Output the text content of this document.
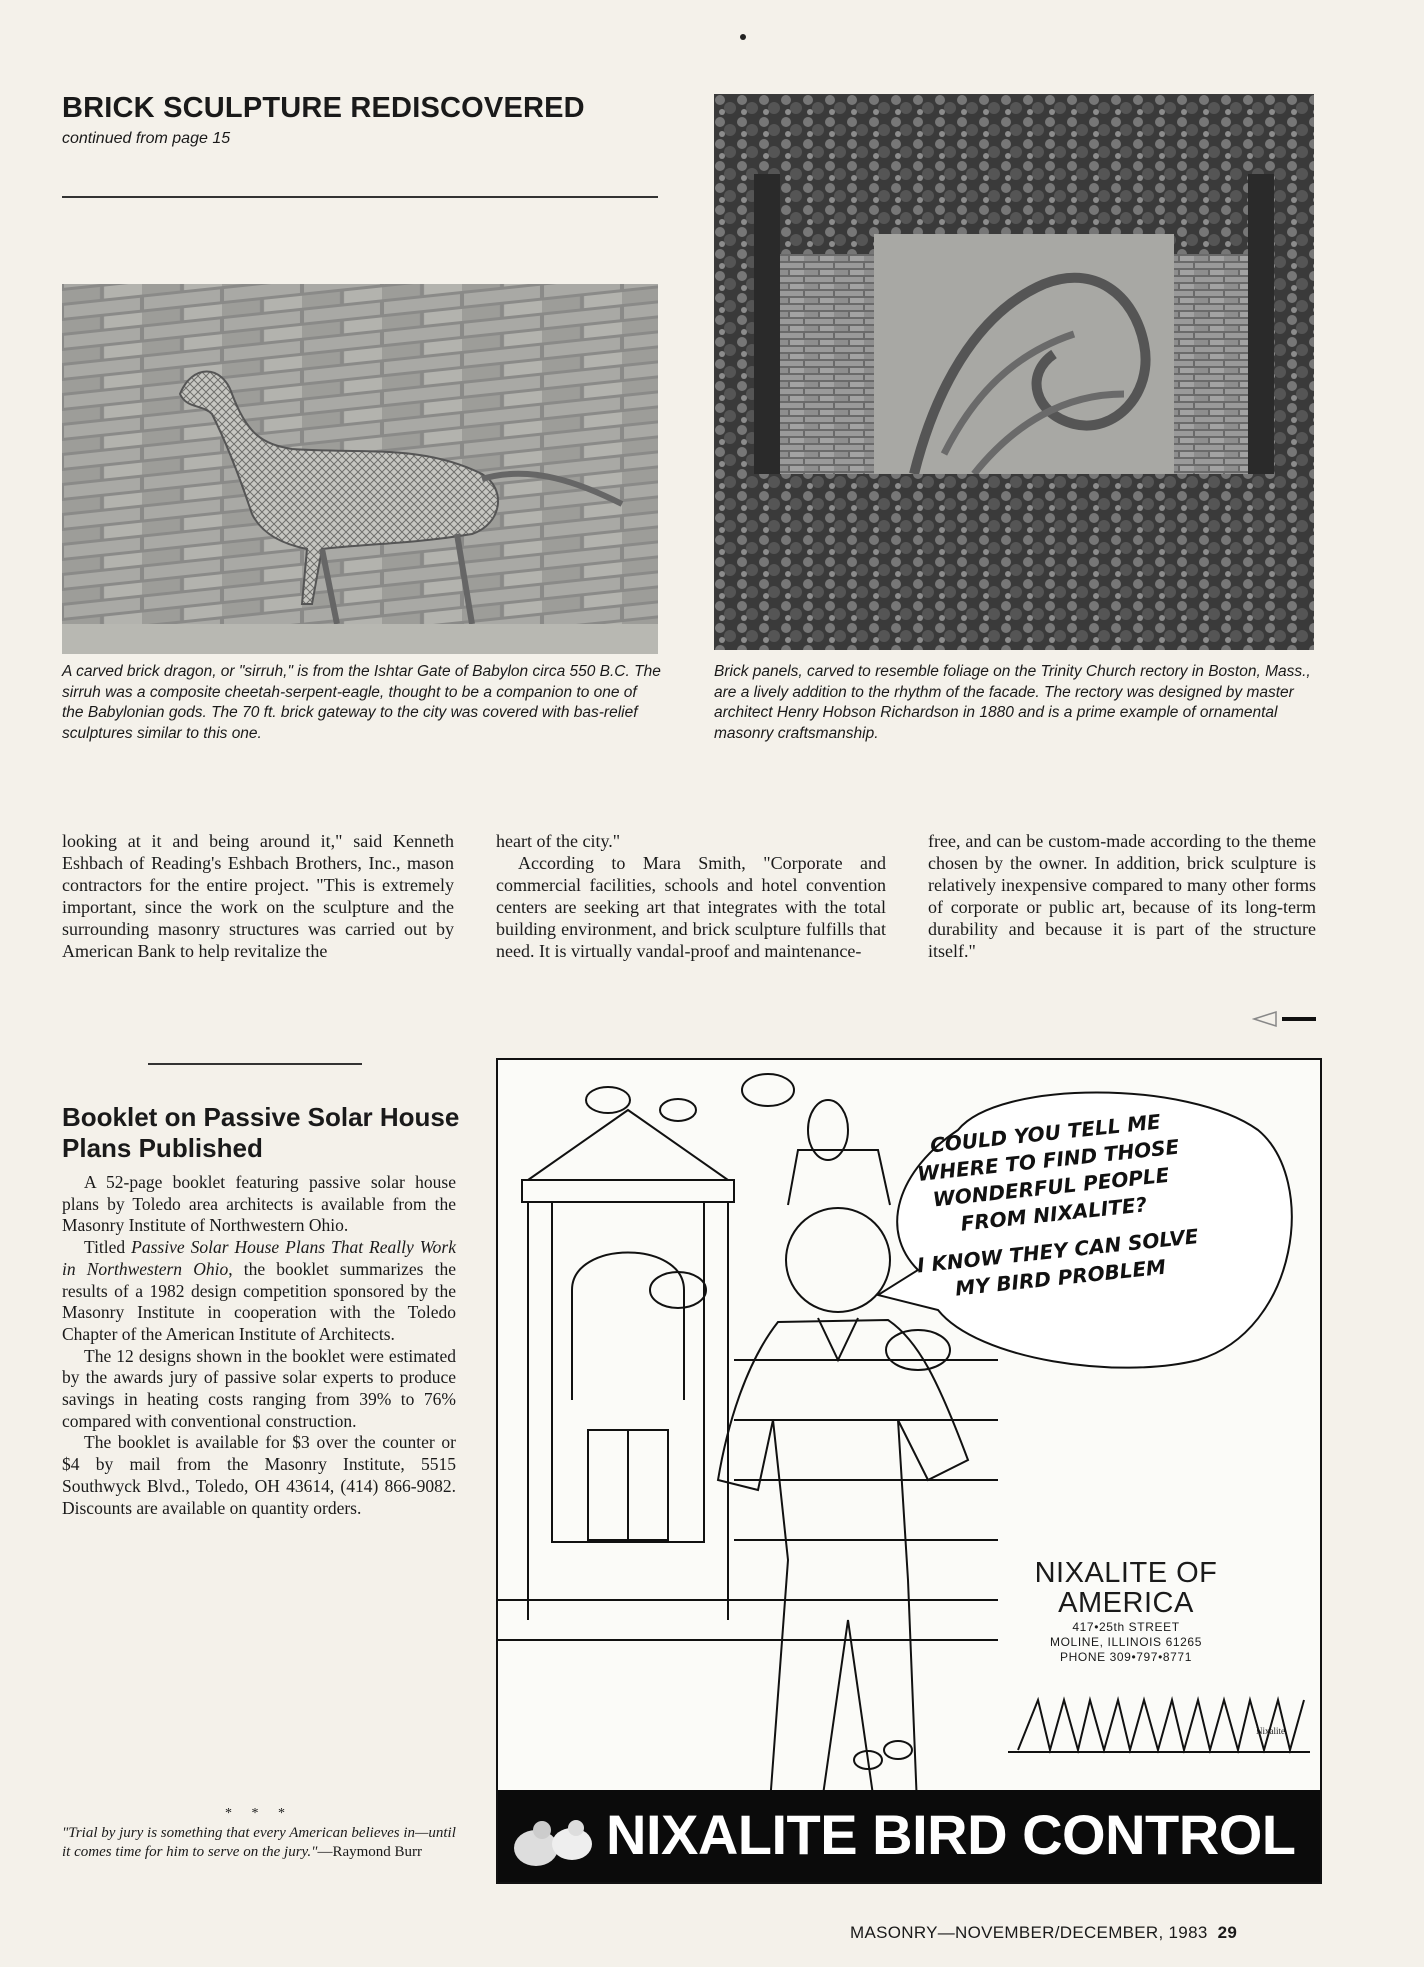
BRICK SCULPTURE REDISCOVERED
continued from page 15
A carved brick dragon, or "sirruh," is from the Ishtar Gate of Babylon circa 550 B.C. The sirruh was a composite cheetah-serpent-eagle, thought to be a companion to one of the Babylonian gods. The 70 ft. brick gateway to the city was covered with bas-relief sculptures similar to this one.
Brick panels, carved to resemble foliage on the Trinity Church rectory in Boston, Mass., are a lively addition to the rhythm of the facade. The rectory was designed by master architect Henry Hobson Richardson in 1880 and is a prime example of ornamental masonry craftsmanship.

looking at it and being around it," said Kenneth Eshbach of Reading's Eshbach Brothers, Inc., mason contractors for the entire project. "This is extremely important, since the work on the sculpture and the surrounding masonry structures was carried out by American Bank to help revitalize the

heart of the city."

According to Mara Smith, "Corporate and commercial facilities, schools and hotel convention centers are seeking art that integrates with the total building environment, and brick sculpture fulfills that need. It is virtually vandal-proof and maintenance-

free, and can be custom-made according to the theme chosen by the owner. In addition, brick sculpture is relatively inexpensive compared to many other forms of corporate or public art, because of its long-term durability and because it is part of the structure itself."

Booklet on Passive Solar House Plans Published

A 52-page booklet featuring passive solar house plans by Toledo area architects is available from the Masonry Institute of Northwestern Ohio.

Titled Passive Solar House Plans That Really Work in Northwestern Ohio, the booklet summarizes the results of a 1982 design competition sponsored by the Masonry Institute in cooperation with the Toledo Chapter of the American Institute of Architects.

The 12 designs shown in the booklet were estimated by the awards jury of passive solar experts to produce savings in heating costs ranging from 39% to 76% compared with conventional construction.

The booklet is available for $3 over the counter or $4 by mail from the Masonry Institute, 5515 Southwyck Blvd., Toledo, OH 43614, (414) 866-9082. Discounts are available on quantity orders.

* * *
"Trial by jury is something that every American believes in—until it comes time for him to serve on the jury."—Raymond Burr
COULD YOU TELL ME WHERE TO FIND THOSE WONDERFUL PEOPLE FROM NIXALITE?
I KNOW THEY CAN SOLVE MY BIRD PROBLEM
NIXALITE OF AMERICA
417•25th STREET
MOLINE, ILLINOIS 61265
PHONE 309•797•8771
Nixalite
NIXALITE BIRD CONTROL
MASONRY—NOVEMBER/DECEMBER, 1983 29
